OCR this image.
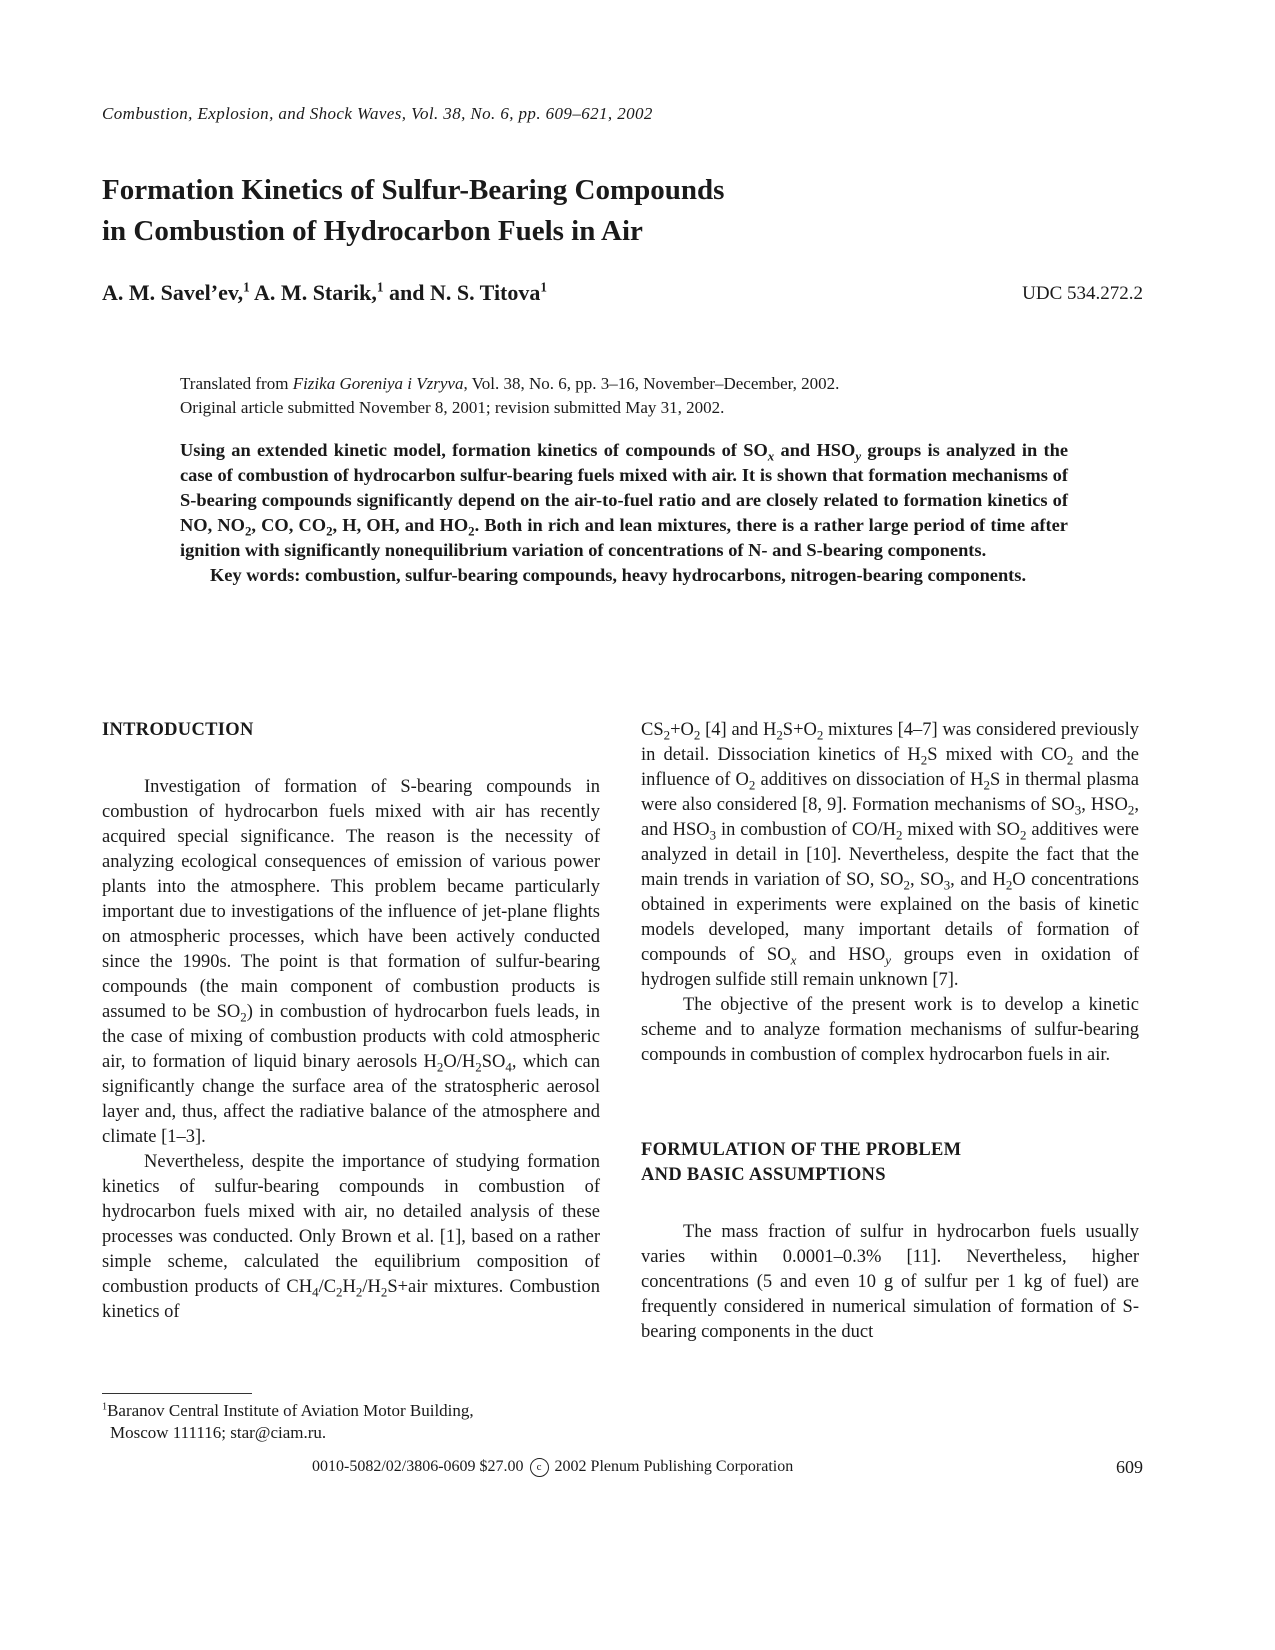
Combustion, Explosion, and Shock Waves, Vol. 38, No. 6, pp. 609–621, 2002
Formation Kinetics of Sulfur-Bearing Compounds
in Combustion of Hydrocarbon Fuels in Air
A. M. Savel’ev,$^1$ A. M. Starik,$^1$ and N. S. Titova$^1$	UDC 534.272.2
Translated from Fizika Goreniya i Vzryva, Vol. 38, No. 6, pp. 3–16, November–December, 2002.
Original article submitted November 8, 2001; revision submitted May 31, 2002.

Using an extended kinetic model, formation kinetics of compounds of $SO_x$ and $HSO_y$ groups is analyzed in the case of combustion of hydrocarbon sulfur-bearing fuels mixed with air. It is shown that formation mechanisms of S-bearing compounds significantly depend on the air-to-fuel ratio and are closely related to formation kinetics of NO, $NO_2$, CO, $CO_2$, H, OH, and $HO_2$. Both in rich and lean mixtures, there is a rather large period of time after ignition with significantly nonequilibrium variation of concentrations of N- and S-bearing components.

Key words: combustion, sulfur-bearing compounds, heavy hydrocarbons, nitrogen-bearing components.

INTRODUCTION

Investigation of formation of S-bearing compounds in combustion of hydrocarbon fuels mixed with air has recently acquired special significance. The reason is the necessity of analyzing ecological consequences of emission of various power plants into the atmosphere. This problem became particularly important due to investigations of the influence of jet-plane flights on atmospheric processes, which have been actively conducted since the 1990s. The point is that formation of sulfur-bearing compounds (the main component of combustion products is assumed to be $SO_2$) in combustion of hydrocarbon fuels leads, in the case of mixing of combustion products with cold atmospheric air, to formation of liquid binary aerosols $H_2O/H_2SO_4$, which can significantly change the surface area of the stratospheric aerosol layer and, thus, affect the radiative balance of the atmosphere and climate [1–3].

Nevertheless, despite the importance of studying formation kinetics of sulfur-bearing compounds in combustion of hydrocarbon fuels mixed with air, no detailed analysis of these processes was conducted. Only Brown et al. [1], based on a rather simple scheme, calculated the equilibrium composition of combustion products of $CH_4/C_2H_2/H_2S+air$ mixtures. Combustion kinetics of

$CS_2+O_2$ [4] and $H_2S+O_2$ mixtures [4–7] was considered previously in detail. Dissociation kinetics of $H_2S$ mixed with $CO_2$ and the influence of $O_2$ additives on dissociation of $H_2S$ in thermal plasma were also considered [8, 9]. Formation mechanisms of $SO_3$, $HSO_2$, and $HSO_3$ in combustion of $CO/H_2$ mixed with $SO_2$ additives were analyzed in detail in [10]. Nevertheless, despite the fact that the main trends in variation of SO, $SO_2$, $SO_3$, and $H_2O$ concentrations obtained in experiments were explained on the basis of kinetic models developed, many important details of formation of compounds of $SO_x$ and $HSO_y$ groups even in oxidation of hydrogen sulfide still remain unknown [7].

The objective of the present work is to develop a kinetic scheme and to analyze formation mechanisms of sulfur-bearing compounds in combustion of complex hydrocarbon fuels in air.

FORMULATION OF THE PROBLEM
AND BASIC ASSUMPTIONS

The mass fraction of sulfur in hydrocarbon fuels usually varies within 0.0001–0.3% [11]. Nevertheless, higher concentrations (5 and even 10 g of sulfur per 1 kg of fuel) are frequently considered in numerical simulation of formation of S-bearing components in the duct

$^1$Baranov Central Institute of Aviation Motor Building,
Moscow 111116; star@ciam.ru.
0010-5082/02/3806-0609 $27.00 c 2002 Plenum Publishing Corporation	609
